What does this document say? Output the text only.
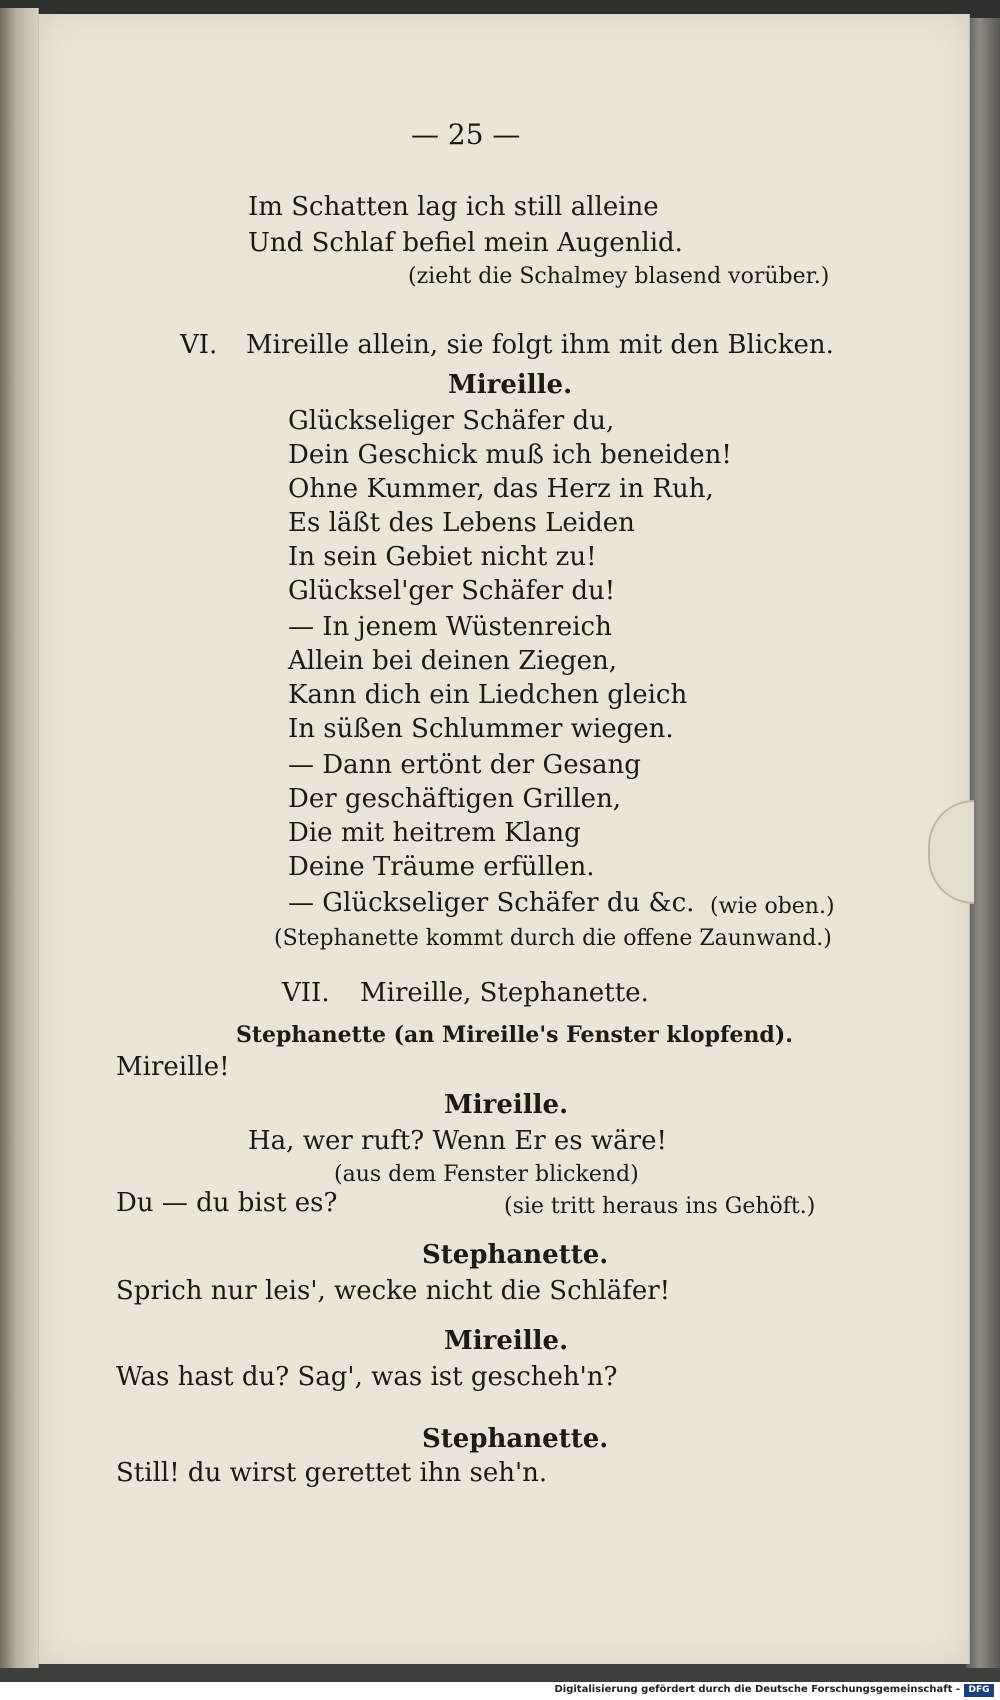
— 25 —
Im Schatten lag ich still alleine
Und Schlaf befiel mein Augenlid.
(zieht die Schalmey blasend vorüber.)
VI. Mireille allein, sie folgt ihm mit den Blicken.
Mireille.
Glückseliger Schäfer du,
Dein Geschick muß ich beneiden!
Ohne Kummer, das Herz in Ruh,
Es läßt des Lebens Leiden
In sein Gebiet nicht zu!
Glücksel'ger Schäfer du!
— In jenem Wüstenreich
Allein bei deinen Ziegen,
Kann dich ein Liedchen gleich
In süßen Schlummer wiegen.
— Dann ertönt der Gesang
Der geschäftigen Grillen,
Die mit heitrem Klang
Deine Träume erfüllen.
— Glückseliger Schäfer du &c. (wie oben.)
(Stephanette kommt durch die offene Zaunwand.)
VII. Mireille, Stephanette.
Stephanette (an Mireille's Fenster klopfend).
Mireille!
Mireille.
Ha, wer ruft? Wenn Er es wäre!
(aus dem Fenster blickend)
Du — du bist es?	(sie tritt heraus ins Gehöft.)
Stephanette.
Sprich nur leis', wecke nicht die Schläfer!
Mireille.
Was hast du? Sag', was ist gescheh'n?
Stephanette.
Still! du wirst gerettet ihn seh'n.
Digitalisierung gefördert durch die Deutsche Forschungsgemeinschaft - DFG
